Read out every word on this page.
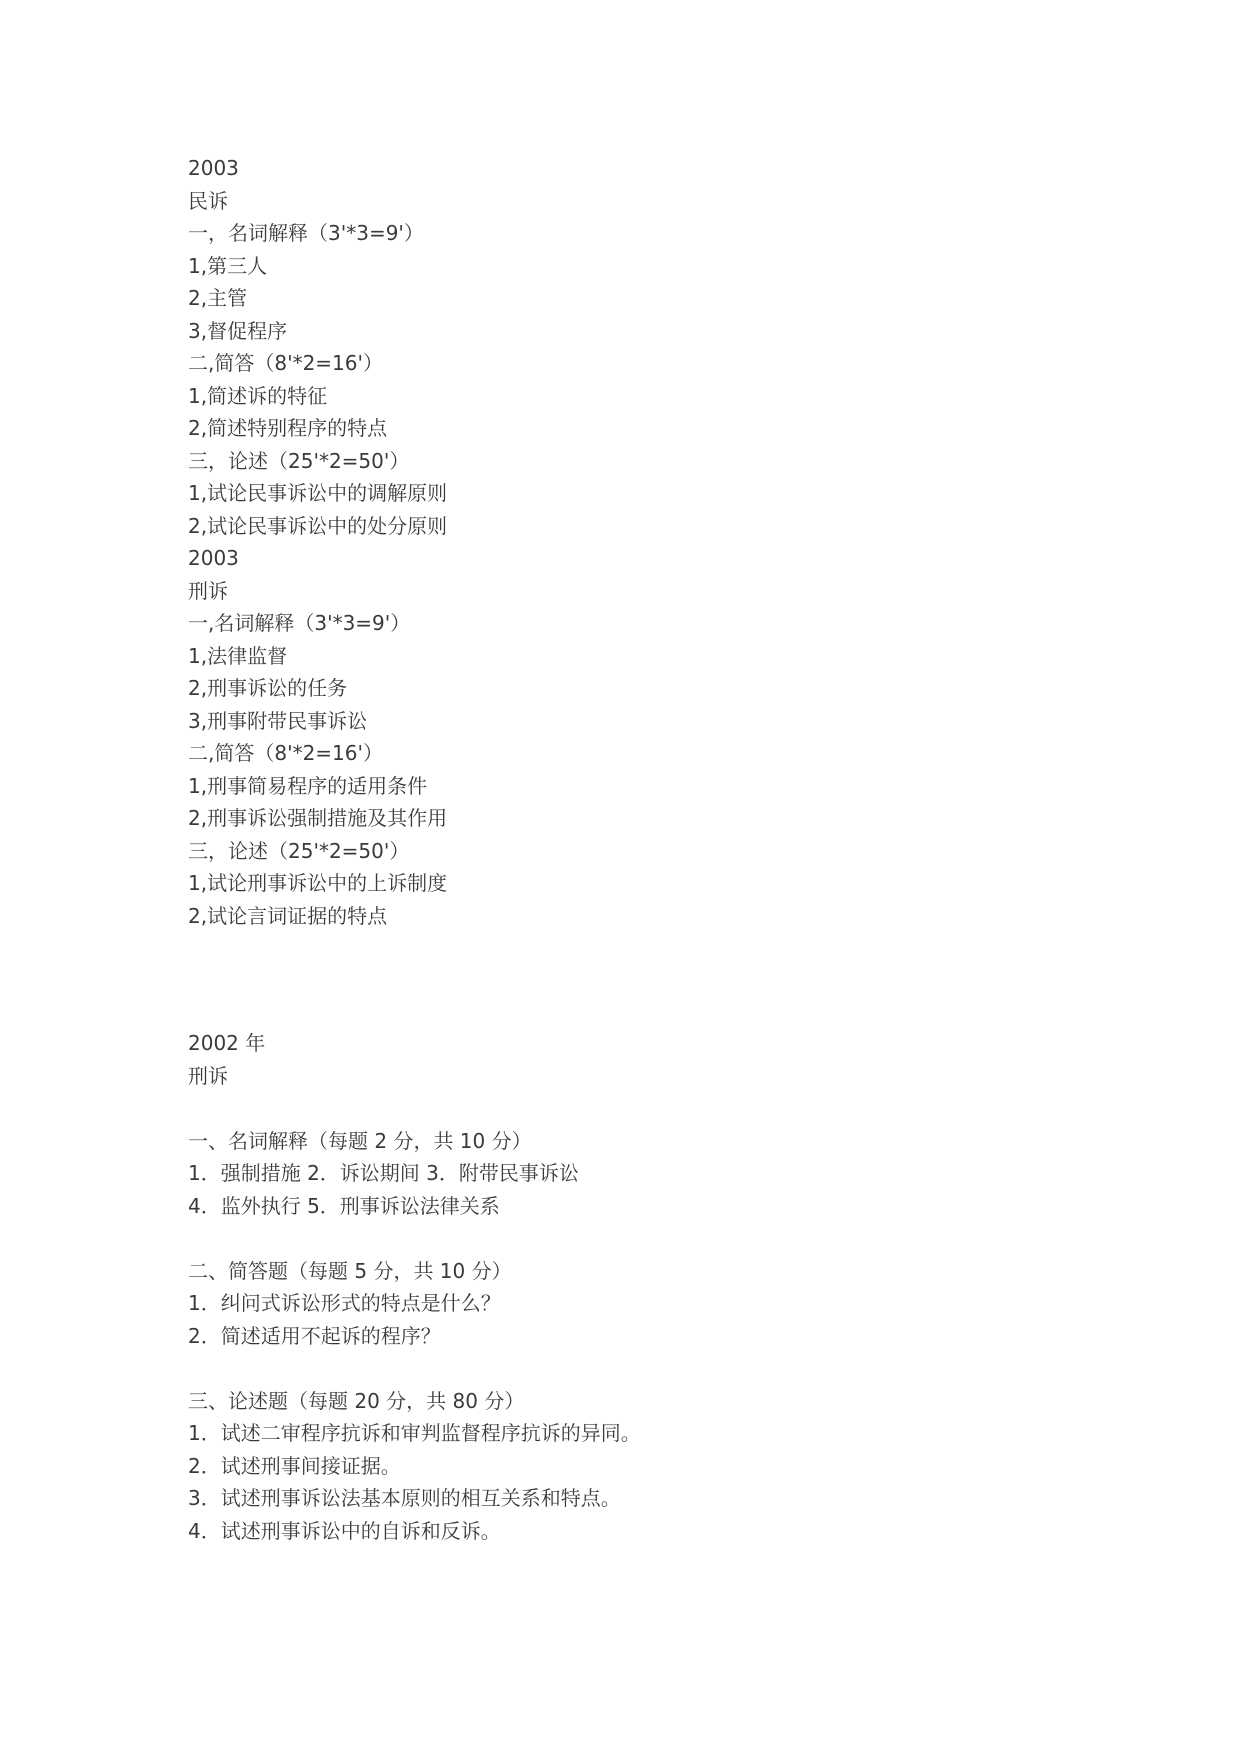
2003
民诉
一，名词解释（3'*3=9'）
1,第三人
2,主管
3,督促程序
二,简答（8'*2=16'）
1,简述诉的特征
2,简述特别程序的特点
三，论述（25'*2=50'）
1,试论民事诉讼中的调解原则
2,试论民事诉讼中的处分原则
2003
刑诉
一,名词解释（3'*3=9'）
1,法律监督
2,刑事诉讼的任务
3,刑事附带民事诉讼
二,简答（8'*2=16'）
1,刑事简易程序的适用条件
2,刑事诉讼强制措施及其作用
三，论述（25'*2=50'）
1,试论刑事诉讼中的上诉制度
2,试论言词证据的特点
2002 年
刑诉
一、名词解释（每题 2 分，共 10 分）
1．强制措施 2．诉讼期间 3．附带民事诉讼
4．监外执行 5．刑事诉讼法律关系
二、简答题（每题 5 分，共 10 分）
1．纠问式诉讼形式的特点是什么？
2．简述适用不起诉的程序？
三、论述题（每题 20 分，共 80 分）
1．试述二审程序抗诉和审判监督程序抗诉的异同。
2．试述刑事间接证据。
3．试述刑事诉讼法基本原则的相互关系和特点。
4．试述刑事诉讼中的自诉和反诉。
